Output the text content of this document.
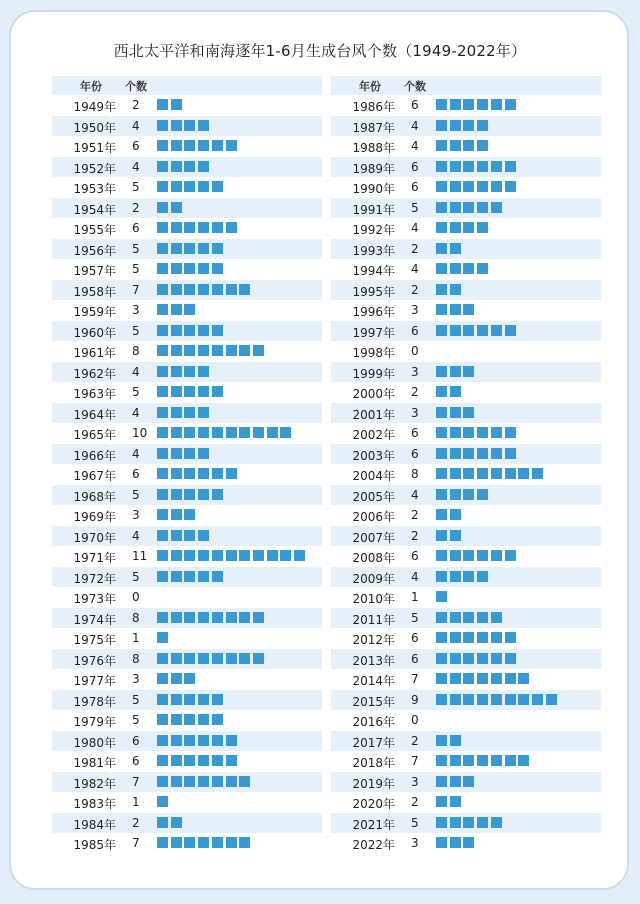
西北太平洋和南海逐年1-6月生成台风个数（1949-2022年）
年份 个数
1949年 2
1950年 4
1951年 6
1952年 4
1953年 5
1954年 2
1955年 6
1956年 5
1957年 5
1958年 7
1959年 3
1960年 5
1961年 8
1962年 4
1963年 5
1964年 4
1965年 10
1966年 4
1967年 6
1968年 5
1969年 3
1970年 4
1971年 11
1972年 5
1973年 0
1974年 8
1975年 1
1976年 8
1977年 3
1978年 5
1979年 5
1980年 6
1981年 6
1982年 7
1983年 1
1984年 2
1985年 7
年份 个数
1986年 6
1987年 4
1988年 4
1989年 6
1990年 6
1991年 5
1992年 4
1993年 2
1994年 4
1995年 2
1996年 3
1997年 6
1998年 0
1999年 3
2000年 2
2001年 3
2002年 6
2003年 6
2004年 8
2005年 4
2006年 2
2007年 2
2008年 6
2009年 4
2010年 1
2011年 5
2012年 6
2013年 6
2014年 7
2015年 9
2016年 0
2017年 2
2018年 7
2019年 3
2020年 2
2021年 5
2022年 3
